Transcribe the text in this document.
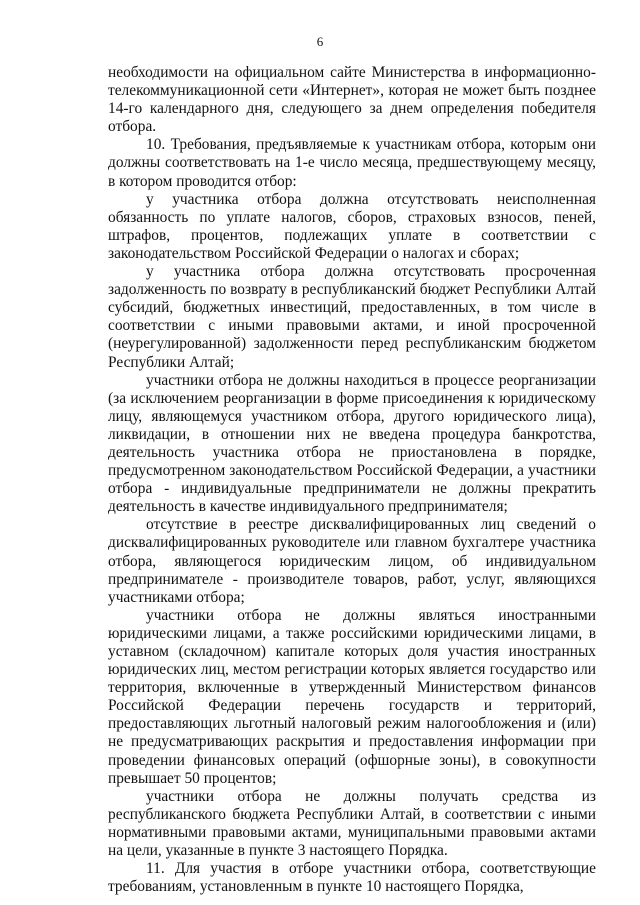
6

необходимости на официальном сайте Министерства в информационно-телекоммуникационной сети «Интернет», которая не может быть позднее 14-го календарного дня, следующего за днем определения победителя отбора.

10. Требования, предъявляемые к участникам отбора, которым они должны соответствовать на 1-е число месяца, предшествующему месяцу, в котором проводится отбор:

у участника отбора должна отсутствовать неисполненная обязанность по уплате налогов, сборов, страховых взносов, пеней, штрафов, процентов, подлежащих уплате в соответствии с законодательством Российской Федерации о налогах и сборах;

у участника отбора должна отсутствовать просроченная задолженность по возврату в республиканский бюджет Республики Алтай субсидий, бюджетных инвестиций, предоставленных, в том числе в соответствии с иными правовыми актами, и иной просроченной (неурегулированной) задолженности перед республиканским бюджетом Республики Алтай;

участники отбора не должны находиться в процессе реорганизации (за исключением реорганизации в форме присоединения к юридическому лицу, являющемуся участником отбора, другого юридического лица), ликвидации, в отношении них не введена процедура банкротства, деятельность участника отбора не приостановлена в порядке, предусмотренном законодательством Российской Федерации, а участники отбора - индивидуальные предприниматели не должны прекратить деятельность в качестве индивидуального предпринимателя;

отсутствие в реестре дисквалифицированных лиц сведений о дисквалифицированных руководителе или главном бухгалтере участника отбора, являющегося юридическим лицом, об индивидуальном предпринимателе - производителе товаров, работ, услуг, являющихся участниками отбора;

участники отбора не должны являться иностранными юридическими лицами, а также российскими юридическими лицами, в уставном (складочном) капитале которых доля участия иностранных юридических лиц, местом регистрации которых является государство или территория, включенные в утвержденный Министерством финансов Российской Федерации перечень государств и территорий, предоставляющих льготный налоговый режим налогообложения и (или) не предусматривающих раскрытия и предоставления информации при проведении финансовых операций (офшорные зоны), в совокупности превышает 50 процентов;

участники отбора не должны получать средства из республиканского бюджета Республики Алтай, в соответствии с иными нормативными правовыми актами, муниципальными правовыми актами на цели, указанные в пункте 3 настоящего Порядка.

11. Для участия в отборе участники отбора, соответствующие требованиям, установленным в пункте 10 настоящего Порядка,
